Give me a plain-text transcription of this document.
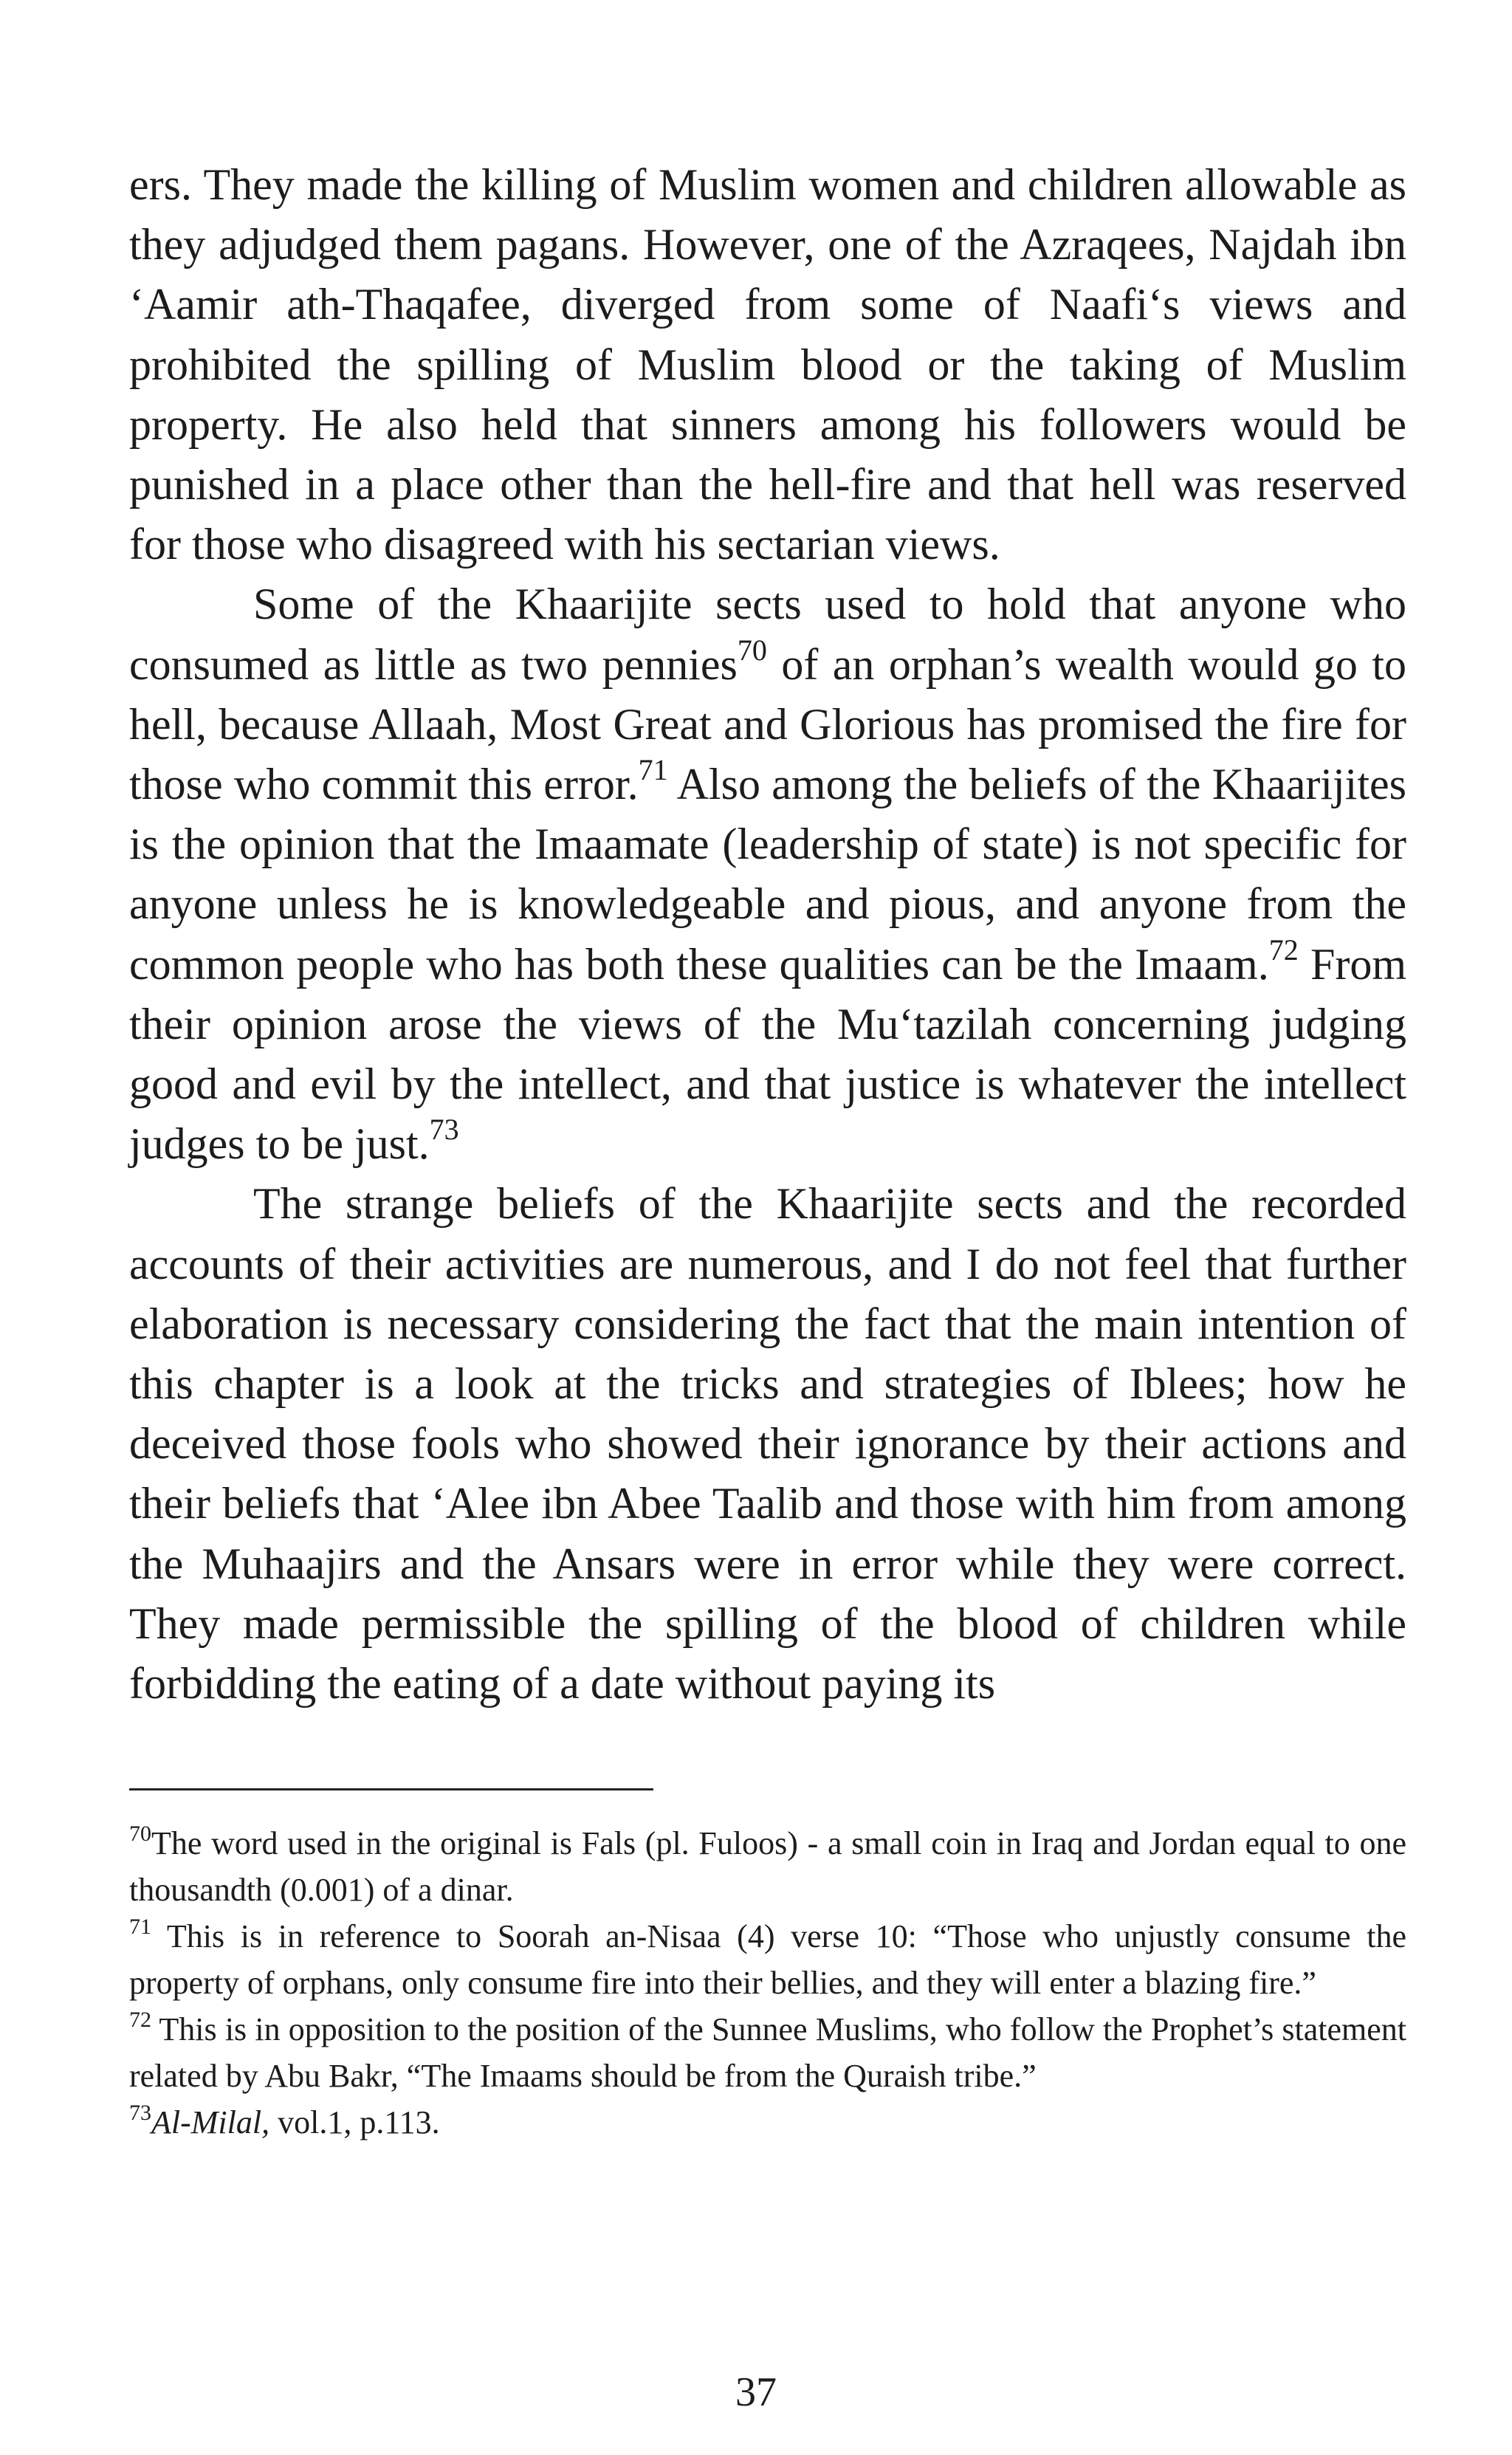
ers. They made the killing of Muslim women and children allowable as they adjudged them pagans. However, one of the Azraqees, Najdah ibn ‘Aamir ath-Thaqafee, diverged from some of Naafi‘s views and prohibited the spilling of Muslim blood or the taking of Muslim property. He also held that sinners among his followers would be punished in a place other than the hell-fire and that hell was reserved for those who disagreed with his sectarian views.

Some of the Khaarijite sects used to hold that anyone who consumed as little as two pennies$^{70}$ of an orphan’s wealth would go to hell, because Allaah, Most Great and Glorious has promised the fire for those who commit this error.$^{71}$ Also among the beliefs of the Khaarijites is the opinion that the Imaamate (leadership of state) is not specific for anyone unless he is knowledgeable and pious, and anyone from the common people who has both these qualities can be the Imaam.$^{72}$ From their opinion arose the views of the Mu‘tazilah concerning judging good and evil by the intellect, and that justice is whatever the intellect judges to be just.$^{73}$

The strange beliefs of the Khaarijite sects and the recorded accounts of their activities are numerous, and I do not feel that further elaboration is necessary considering the fact that the main intention of this chapter is a look at the tricks and strategies of Iblees; how he deceived those fools who showed their ignorance by their actions and their beliefs that ‘Alee ibn Abee Taalib and those with him from among the Muhaajirs and the Ansars were in error while they were correct. They made permissible the spilling of the blood of children while forbidding the eating of a date without paying its

$^{70}$The word used in the original is Fals (pl. Fuloos) - a small coin in Iraq and Jordan equal to one thousandth (0.001) of a dinar.

$^{71}$ This is in reference to Soorah an-Nisaa (4) verse 10: “Those who unjustly consume the property of orphans, only consume fire into their bellies, and they will enter a blazing fire.”

$^{72}$ This is in opposition to the position of the Sunnee Muslims, who follow the Prophet’s statement related by Abu Bakr, “The Imaams should be from the Quraish tribe.”

$^{73}$Al-Milal, vol.1, p.113.

37
